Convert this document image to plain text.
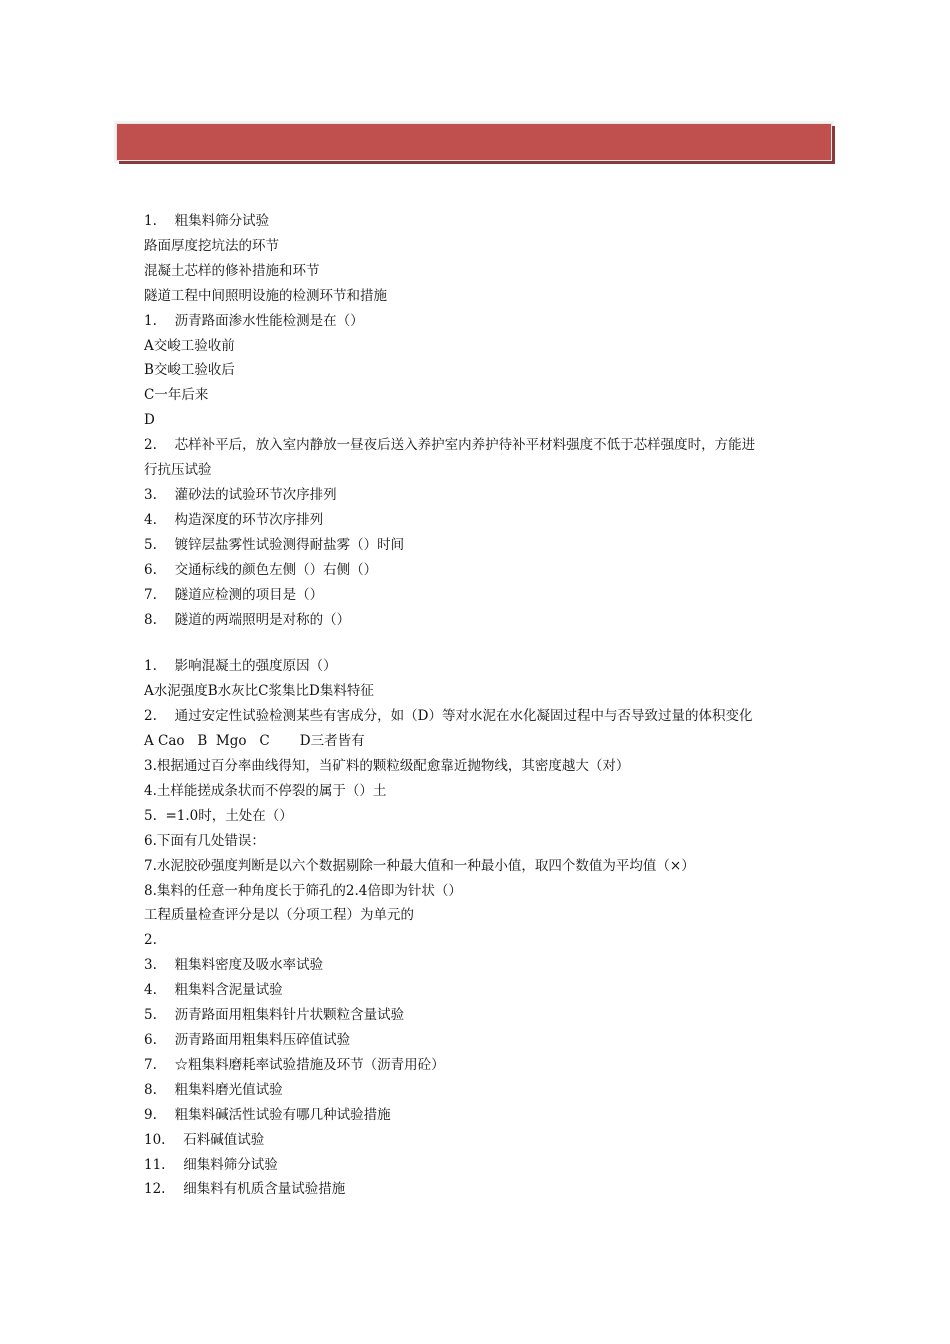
1.　 粗集料筛分试验
路面厚度挖坑法的环节
混凝土芯样的修补措施和环节
隧道工程中间照明设施的检测环节和措施
1.　 沥青路面渗水性能检测是在（）
A交峻工验收前
B交峻工验收后
C一年后来
D
2.　 芯样补平后，放入室内静放一昼夜后送入养护室内养护待补平材料强度不低于芯样强度时，方能进
行抗压试验
3.　 灌砂法的试验环节次序排列
4.　 构造深度的环节次序排列
5.　 镀锌层盐雾性试验测得耐盐雾（）时间
6.　 交通标线的颜色左侧（）右侧（）
7.　 隧道应检测的项目是（）
8.　 隧道的两端照明是对称的（）
1.　 影响混凝土的强度原因（）
A水泥强度B水灰比C浆集比D集料特征
2.　 通过安定性试验检测某些有害成分，如（D）等对水泥在水化凝固过程中与否导致过量的体积变化
A Cao   B  Mgo   C       D三者皆有
3.根据通过百分率曲线得知，当矿料的颗粒级配愈靠近抛物线，其密度越大（对）
4.土样能搓成条状而不停裂的属于（）土
5.  =1.0时，土处在（）
6.下面有几处错误：
7.水泥胶砂强度判断是以六个数据剔除一种最大值和一种最小值，取四个数值为平均值（×）
8.集料的任意一种角度长于筛孔的2.4倍即为针状（）
工程质量检查评分是以（分项工程）为单元的
2.
3.　 粗集料密度及吸水率试验
4.　 粗集料含泥量试验
5.　 沥青路面用粗集料针片状颗粒含量试验
6.　 沥青路面用粗集料压碎值试验
7.　 ☆粗集料磨耗率试验措施及环节（沥青用砼）
8.　 粗集料磨光值试验
9.　 粗集料碱活性试验有哪几种试验措施
10.　 石料碱值试验
11.　 细集料筛分试验
12.　 细集料有机质含量试验措施
